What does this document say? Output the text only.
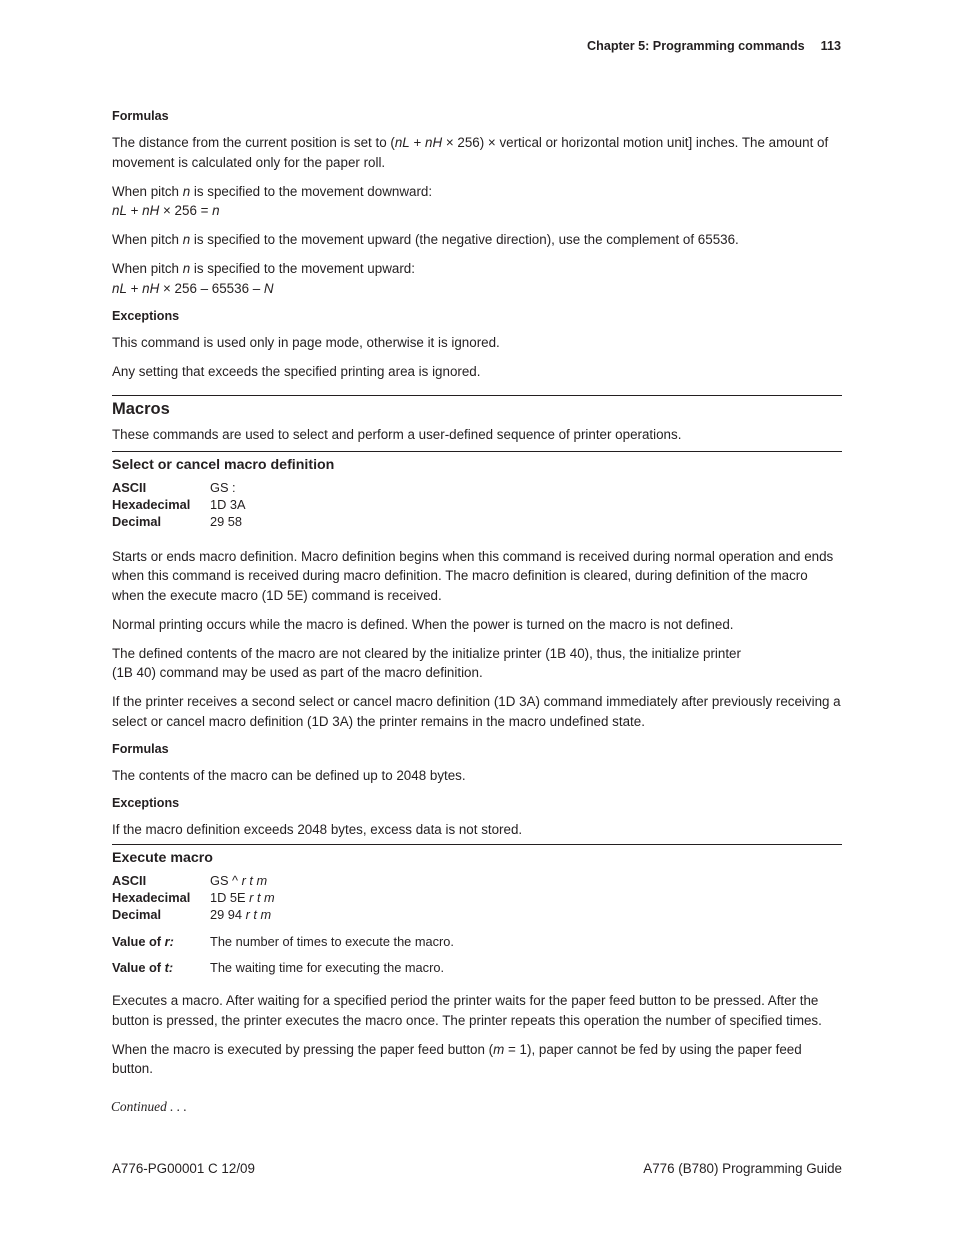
Chapter 5: Programming commands 113
Formulas

The distance from the current position is set to (nL + nH × 256) × vertical or horizontal motion unit] inches. The amount of movement is calculated only for the paper roll.

When pitch n is specified to the movement downward:
nL + nH × 256 = n

When pitch n is specified to the movement upward (the negative direction), use the complement of 65536.

When pitch n is specified to the movement upward:
nL + nH × 256 – 65536 – N

Exceptions

This command is used only in page mode, otherwise it is ignored.

Any setting that exceeds the specified printing area is ignored.

Macros

These commands are used to select and perform a user-defined sequence of printer operations.

Select or cancel macro definition
ASCII	GS :
Hexadecimal	1D 3A
Decimal	29 58

Starts or ends macro definition. Macro definition begins when this command is received during normal operation and ends when this command is received during macro definition. The macro definition is cleared, during definition of the macro when the execute macro (1D 5E) command is received.

Normal printing occurs while the macro is defined. When the power is turned on the macro is not defined.

The defined contents of the macro are not cleared by the initialize printer (1B 40), thus, the initialize printer
(1B 40) command may be used as part of the macro definition.

If the printer receives a second select or cancel macro definition (1D 3A) command immediately after previously receiving a select or cancel macro definition (1D 3A) the printer remains in the macro undefined state.

Formulas

The contents of the macro can be defined up to 2048 bytes.

Exceptions

If the macro definition exceeds 2048 bytes, excess data is not stored.

Execute macro
ASCII	GS ^ r t m
Hexadecimal	1D 5E r t m
Decimal	29 94 r t m
Value of r:	The number of times to execute the macro.
Value of t:	The waiting time for executing the macro.

Executes a macro. After waiting for a specified period the printer waits for the paper feed button to be pressed. After the button is pressed, the printer executes the macro once. The printer repeats this operation the number of specified times.

When the macro is executed by pressing the paper feed button (m = 1), paper cannot be fed by using the paper feed button.

Continued . . .
A776-PG00001 C 12/09	A776 (B780) Programming Guide
